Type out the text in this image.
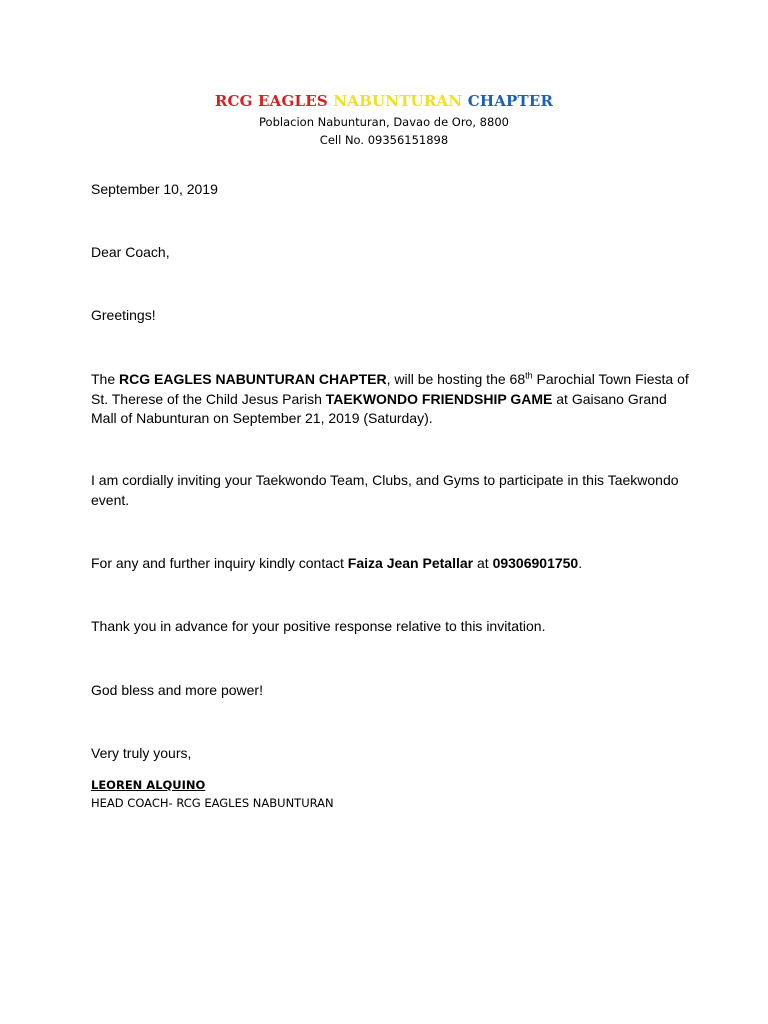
RCG EAGLES NABUNTURAN CHAPTER
Poblacion Nabunturan, Davao de Oro, 8800
Cell No. 09356151898

September 10, 2019

Dear Coach,

Greetings!

The RCG EAGLES NABUNTURAN CHAPTER, will be hosting the 68th Parochial Town Fiesta of St. Therese of the Child Jesus Parish TAEKWONDO FRIENDSHIP GAME at Gaisano Grand Mall of Nabunturan on September 21, 2019 (Saturday).

I am cordially inviting your Taekwondo Team, Clubs, and Gyms to participate in this Taekwondo event.

For any and further inquiry kindly contact Faiza Jean Petallar at 09306901750.

Thank you in advance for your positive response relative to this invitation.

God bless and more power!

Very truly yours,

LEOREN ALQUINO
HEAD COACH- RCG EAGLES NABUNTURAN
